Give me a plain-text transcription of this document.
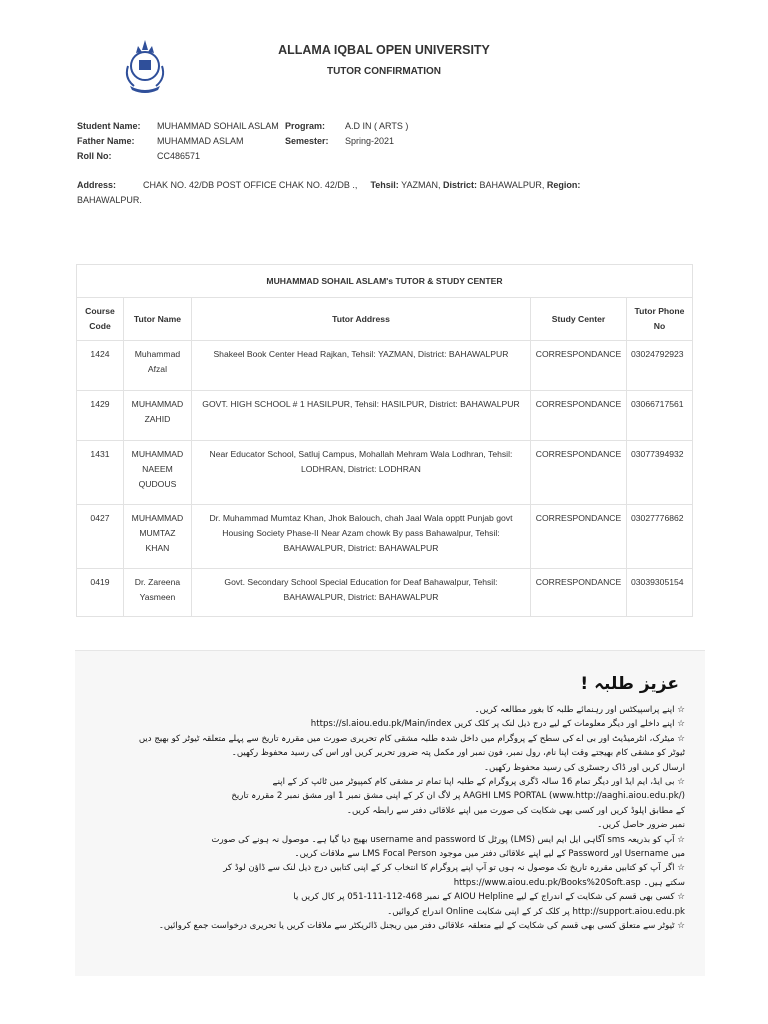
ALLAMA IQBAL OPEN UNIVERSITY
TUTOR CONFIRMATION
Student Name: MUHAMMAD SOHAIL ASLAM
Father Name: MUHAMMAD ASLAM
Roll No:	CC486571
Program: A.D IN ( ARTS )
Semester: Spring-2021
Address:	CHAK NO. 42/DB POST OFFICE CHAK NO. 42/DB ., Tehsil: YAZMAN, District: BAHAWALPUR, Region:
BAHAWALPUR.
MUHAMMAD SOHAIL ASLAM's TUTOR & STUDY CENTER				
Course Code	Tutor Name	Tutor Address	Study Center	Tutor Phone No
1424	Muhammad Afzal	Shakeel Book Center Head Rajkan, Tehsil: YAZMAN, District: BAHAWALPUR	CORRESPONDANCE	03024792923
1429	MUHAMMAD ZAHID	GOVT. HIGH SCHOOL # 1 HASILPUR, Tehsil: HASILPUR, District: BAHAWALPUR	CORRESPONDANCE	03066717561
1431	MUHAMMAD NAEEM QUDOUS	Near Educator School, Satluj Campus, Mohallah Mehram Wala Lodhran, Tehsil: LODHRAN, District: LODHRAN	CORRESPONDANCE	03077394932
0427	MUHAMMAD MUMTAZ KHAN	Dr. Muhammad Mumtaz Khan, Jhok Balouch, chah Jaal Wala opptt Punjab govt Housing Society Phase-II Near Azam chowk By pass Bahawalpur, Tehsil: BAHAWALPUR, District: BAHAWALPUR	CORRESPONDANCE	03027776862
0419	Dr. Zareena Yasmeen	Govt. Secondary School Special Education for Deaf Bahawalpur, Tehsil: BAHAWALPUR, District: BAHAWALPUR	CORRESPONDANCE	03039305154
عزیز طلبہ !
☆ اپنے پراسپیکٹس اور رہنمائے طلبہ کا بغور مطالعہ کریں۔
☆ اپنے داخلے اور دیگر معلومات کے لیے درج ذیل لنک پر کلک کریں https://sl.aiou.edu.pk/Main/index
☆ میٹرک، انٹرمیڈیٹ اور بی اے کی سطح کے پروگرام میں داخل شدہ طلبہ مشقی کام تحریری صورت میں مقررہ تاریخ سے پہلے متعلقہ ٹیوٹر کو بھیج دیں
ٹیوٹر کو مشقی کام بھیجتے وقت اپنا نام، رول نمبر، فون نمبر اور مکمل پتہ ضرور تحریر کریں اور اس کی رسید محفوظ رکھیں۔
ارسال کریں اور ڈاک رجسٹری کی رسید محفوظ رکھیں۔
☆ بی ایڈ، ایم ایڈ اور دیگر تمام 16 سالہ ڈگری پروگرام کے طلبہ اپنا تمام تر مشقی کام کمپیوٹر میں ٹائپ کر کے اپنے
AAGHI LMS PORTAL (www.http://aaghi.aiou.edu.pk/) پر لاگ ان کر کے اپنی مشق نمبر 1 اور مشق نمبر 2 مقررہ تاریخ
کے مطابق اپلوڈ کریں اور کسی بھی شکایت کی صورت میں اپنے علاقائی دفتر سے رابطہ کریں۔
نمبر ضرور حاصل کریں۔
☆ آپ کو بذریعہ sms آگاہی ایل ایم ایس (LMS) پورٹل کا username and password بھیج دیا گیا ہے۔ موصول نہ ہونے کی صورت
میں Username اور Password کے لیے اپنے علاقائی دفتر میں موجود LMS Focal Person سے ملاقات کریں۔
☆ اگر آپ کو کتابیں مقررہ تاریخ تک موصول نہ ہوں تو آپ اپنے پروگرام کا انتخاب کر کے اپنی کتابیں درج ذیل لنک سے ڈاؤن لوڈ کر
سکتے ہیں۔ https://www.aiou.edu.pk/Books%20Soft.asp
☆ کسی بھی قسم کی شکایت کے اندراج کے لیے AIOU Helpline کے نمبر 468-112-111-051 پر کال کریں یا
http://support.aiou.edu.pk پر کلک کر کے اپنی شکایت Online اندراج کروائیں۔
☆ ٹیوٹر سے متعلق کسی بھی قسم کی شکایت کے لیے متعلقہ علاقائی دفتر میں ریجنل ڈائریکٹر سے ملاقات کریں یا تحریری درخواست جمع کروائیں۔
